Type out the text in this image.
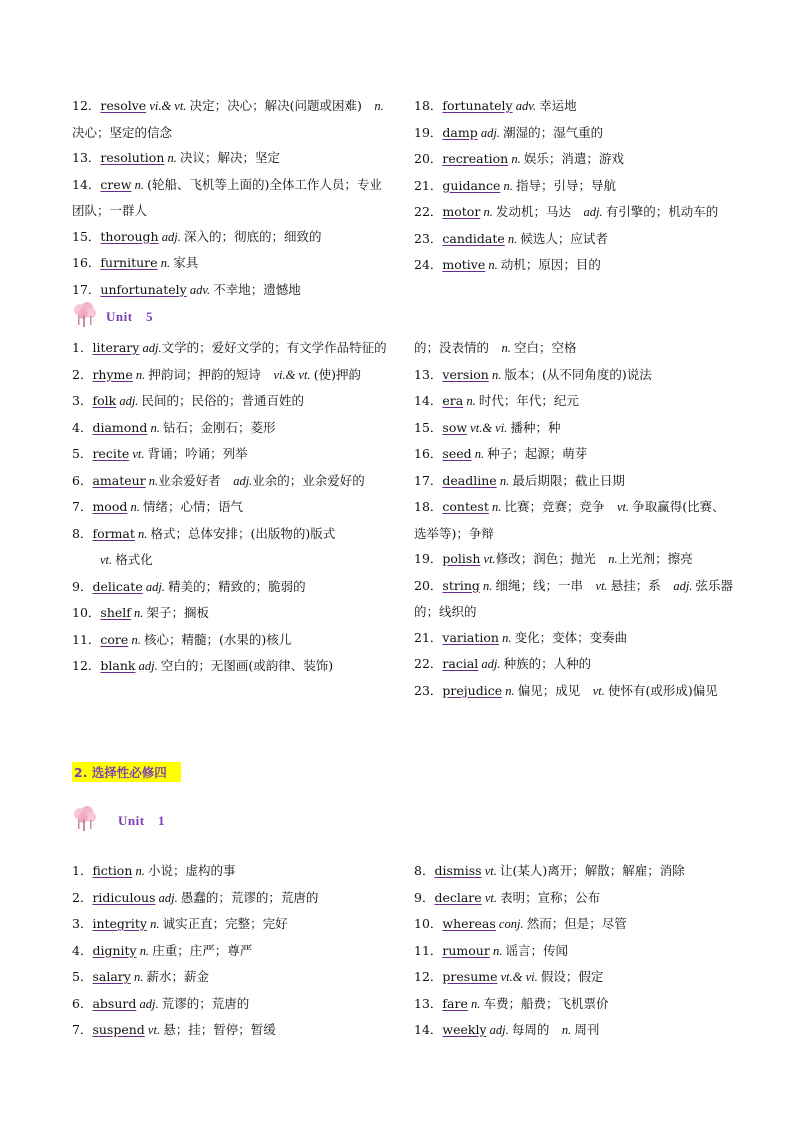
12．resolve vi.& vt. 决定；决心；解决(问题或困难)　n. 决心；坚定的信念

13．resolution n. 决议；解决；坚定

14．crew n. (轮船、飞机等上面的)全体工作人员；专业团队；一群人

15．thorough adj. 深入的；彻底的；细致的

16．furniture n. 家具

17．unfortunately adv. 不幸地；遗憾地

18．fortunately adv. 幸运地

19．damp adj. 潮湿的；湿气重的

20．recreation n. 娱乐；消遣；游戏

21．guidance n. 指导；引导；导航

22．motor n. 发动机；马达　adj. 有引擎的；机动车的

23．candidate n. 候选人；应试者

24．motive n. 动机；原因；目的

Unit　5

1．literary adj.文学的；爱好文学的；有文学作品特征的

2．rhyme n. 押韵词；押韵的短诗　vi.& vt. (使)押韵

3．folk adj. 民间的；民俗的；普通百姓的

4．diamond n. 钻石；金刚石；菱形

5．recite vt. 背诵；吟诵；列举

6．amateur n.业余爱好者　adj.业余的；业余爱好的

7．mood n. 情绪；心情；语气

8．format n. 格式；总体安排；(出版物的)版式

vt. 格式化

9．delicate adj. 精美的；精致的；脆弱的

10．shelf n. 架子；搁板

11．core n. 核心；精髓；(水果的)核儿

12．blank adj. 空白的；无图画(或韵律、装饰)

的；没表情的　n. 空白；空格

13．version n. 版本；(从不同角度的)说法

14．era n. 时代；年代；纪元

15．sow vt.& vi. 播种；种

16．seed n. 种子；起源；萌芽

17．deadline n. 最后期限；截止日期

18．contest n. 比赛；竞赛；竞争　vt. 争取赢得(比赛、选举等)；争辩

19．polish vt.修改；润色；抛光　n.上光剂；擦亮

20．string n. 细绳；线；一串　vt. 悬挂；系　adj. 弦乐器的；线织的

21．variation n. 变化；变体；变奏曲

22．racial adj. 种族的；人种的

23．prejudice n. 偏见；成见　vt. 使怀有(或形成)偏见

2. 选择性必修四
Unit　1

1．fiction n. 小说；虚构的事

2．ridiculous adj. 愚蠢的；荒谬的；荒唐的

3．integrity n. 诚实正直；完整；完好

4．dignity n. 庄重；庄严；尊严

5．salary n. 薪水；薪金

6．absurd adj. 荒谬的；荒唐的

7．suspend vt. 悬；挂；暂停；暂缓

8．dismiss vt. 让(某人)离开；解散；解雇；消除

9．declare vt. 表明；宣称；公布

10．whereas conj. 然而；但是；尽管

11．rumour n. 谣言；传闻

12．presume vt.& vi. 假设；假定

13．fare n. 车费；船费；飞机票价

14．weekly adj. 每周的　n. 周刊
